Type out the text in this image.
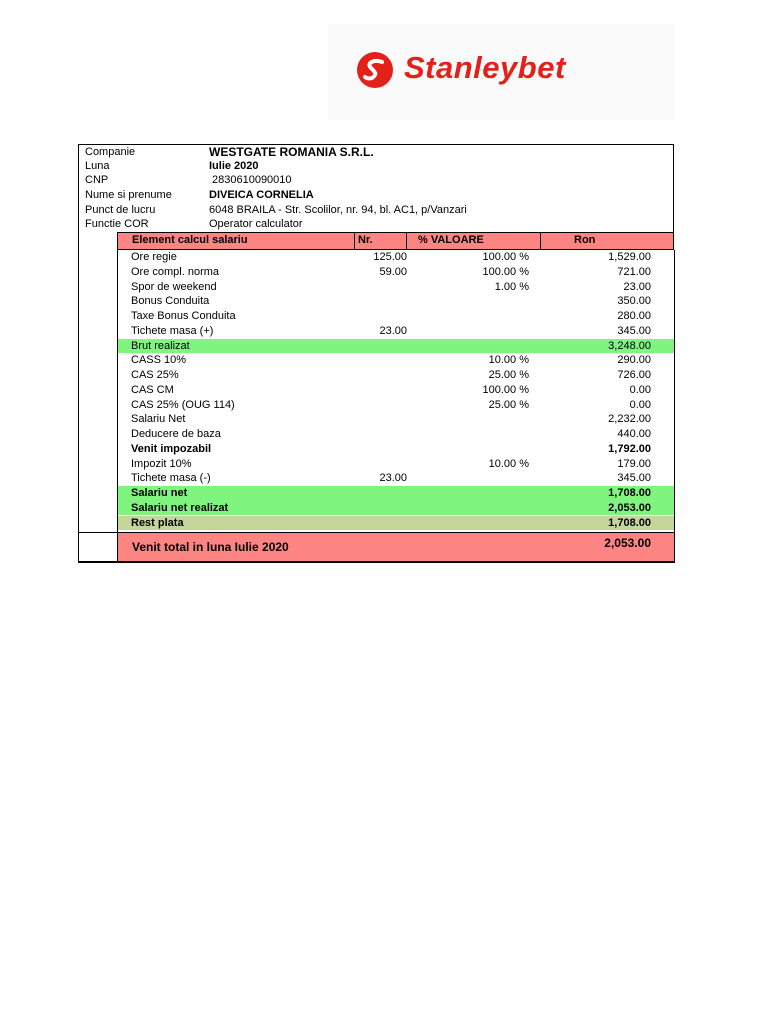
Stanleybet
Companie	WESTGATE ROMANIA S.R.L.
Luna	Iulie 2020
CNP	2830610090010
Nume si prenume	DIVEICA CORNELIA
Punct de lucru	6048 BRAILA - Str. Scolilor, nr. 94, bl. AC1, p/Vanzari
Functie COR	Operator calculator
Element calcul salariu	Nr.	% VALOARE	Ron
Ore regie	125.00	100.00 %	1,529.00
Ore compl. norma	59.00	100.00 %	721.00
Spor de weekend	1.00 %	23.00
Bonus Conduita	350.00
Taxe Bonus Conduita	280.00
Tichete masa (+)	23.00	345.00
Brut realizat	3,248.00
CASS 10%	10.00 %	290.00
CAS 25%	25.00 %	726.00
CAS CM	100.00 %	0.00
CAS 25% (OUG 114)	25.00 %	0.00
Salariu Net	2,232.00
Deducere de baza	440.00
Venit impozabil	1,792.00
Impozit 10%	10.00 %	179.00
Tichete masa (-)	23.00	345.00
Salariu net	1,708.00
Salariu net realizat	2,053.00
Rest plata	1,708.00
Venit total in luna Iulie 2020	2,053.00
